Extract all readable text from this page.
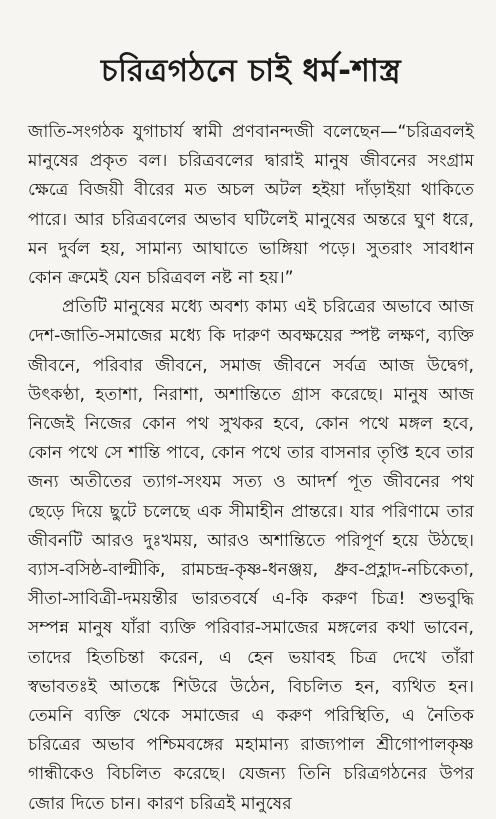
চরিত্রগঠনে চাই ধর্ম-শাস্ত্র

জাতি-সংগঠক যুগাচার্য স্বামী প্রণবানন্দজী বলেছেন—“চরিত্রবলই মানুষের প্রকৃত বল। চরিত্রবলের দ্বারাই মানুষ জীবনের সংগ্রাম ক্ষেত্রে বিজয়ী বীরের মত অচল অটল হইয়া দাঁড়াইয়া থাকিতে পারে। আর চরিত্রবলের অভাব ঘটিলেই মানুষের অন্তরে ঘুণ ধরে, মন দুর্বল হয়, সামান্য আঘাতে ভাঙ্গিয়া পড়ে। সুতরাং সাবধান কোন ক্রমেই যেন চরিত্রবল নষ্ট না হয়।”

প্রতিটি মানুষের মধ্যে অবশ্য কাম্য এই চরিত্রের অভাবে আজ দেশ-জাতি-সমাজের মধ্যে কি দারুণ অবক্ষয়ের স্পষ্ট লক্ষণ, ব্যক্তি জীবনে, পরিবার জীবনে, সমাজ জীবনে সর্বত্র আজ উদ্বেগ, উৎকণ্ঠা, হতাশা, নিরাশা, অশান্তিতে গ্রাস করেছে। মানুষ আজ নিজেই নিজের কোন পথ সুখকর হবে, কোন পথে মঙ্গল হবে, কোন পথে সে শান্তি পাবে, কোন পথে তার বাসনার তৃপ্তি হবে তার জন্য অতীতের ত্যাগ-সংযম সত্য ও আদর্শ পূত জীবনের পথ ছেড়ে দিয়ে ছুটে চলেছে এক সীমাহীন প্রান্তরে। যার পরিণামে তার জীবনটি আরও দুঃখময়, আরও অশান্তিতে পরিপূর্ণ হয়ে উঠছে। ব্যাস-বসিষ্ঠ-বাল্মীকি, রামচন্দ্র-কৃষ্ণ-ধনঞ্জয়, ধ্রুব-প্রহ্লাদ-নচিকেতা, সীতা-সাবিত্রী-দময়ন্তীর ভারতবর্ষে এ-কি করুণ চিত্র! শুভবুদ্ধি সম্পন্ন মানুষ যাঁরা ব্যক্তি পরিবার-সমাজের মঙ্গলের কথা ভাবেন, তাদের হিতচিন্তা করেন, এ হেন ভয়াবহ চিত্র দেখে তাঁরা স্বভাবতঃই আতঙ্কে শিউরে উঠেন, বিচলিত হন, ব্যথিত হন। তেমনি ব্যক্তি থেকে সমাজের এ করুণ পরিস্থিতি, এ নৈতিক চরিত্রের অভাব পশ্চিমবঙ্গের মহামান্য রাজ্যপাল শ্রীগোপালকৃষ্ণ গান্ধীকেও বিচলিত করেছে। যেজন্য তিনি চরিত্রগঠনের উপর জোর দিতে চান। কারণ চরিত্রই মানুষের
